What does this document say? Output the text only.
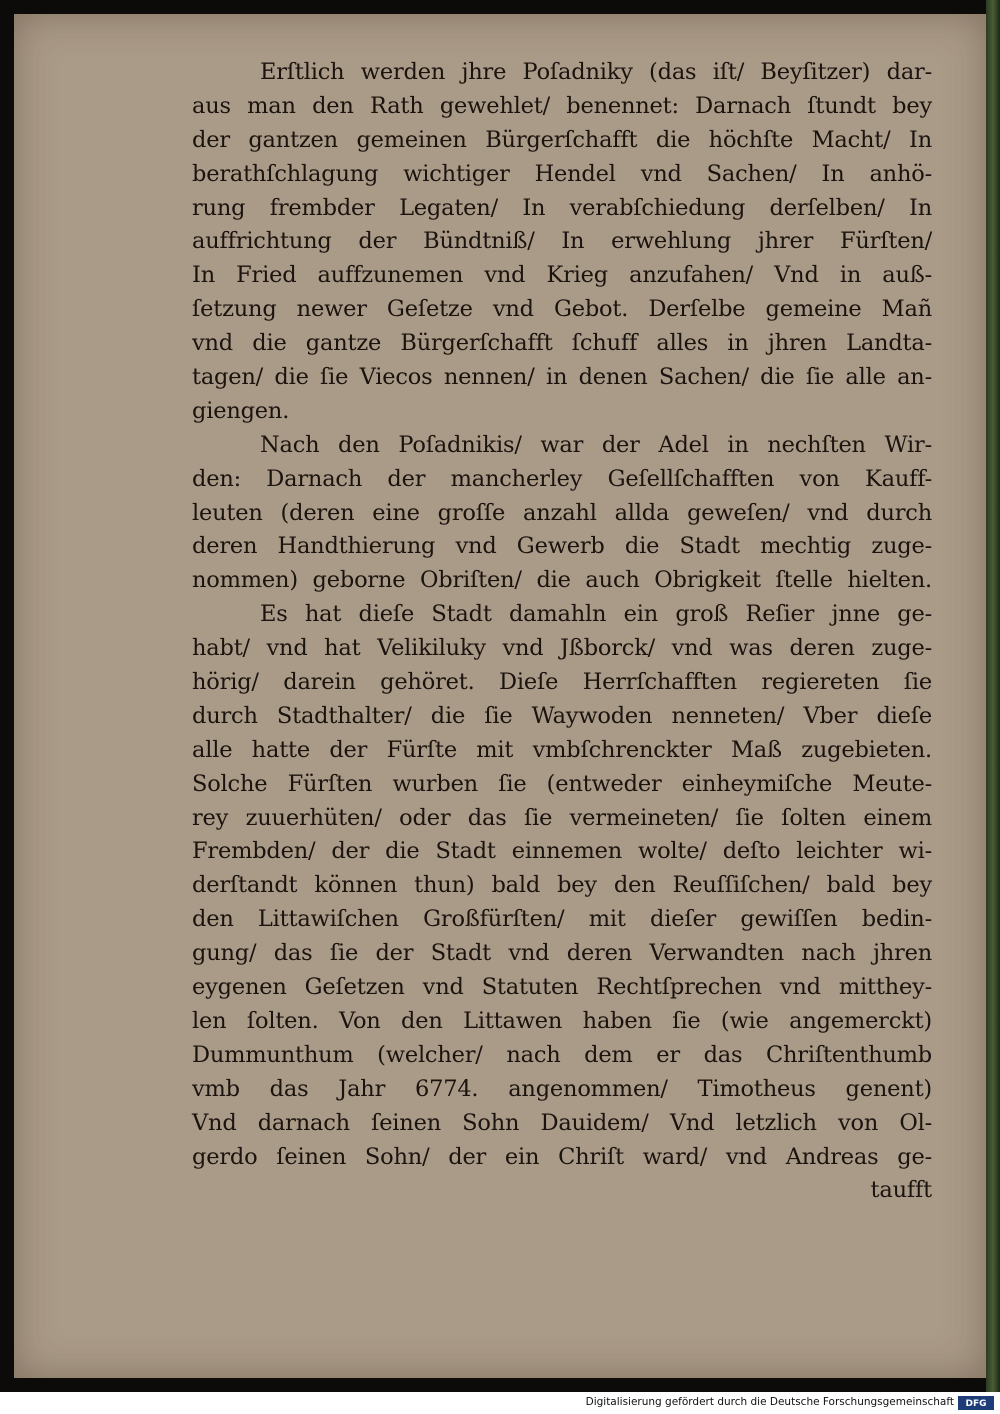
Erſtlich werden jhre Poſadniky (das iſt/ Beyſitzer) dar-
aus man den Rath gewehlet/ benennet: Darnach ſtundt bey
der gantzen gemeinen Bürgerſchafft die höchſte Macht/ In
berathſchlagung wichtiger Hendel vnd Sachen/ In anhö-
rung frembder Legaten/ In verabſchiedung derſelben/ In
auffrichtung der Bündtniß/ In erwehlung jhrer Fürſten/
In Fried auffzunemen vnd Krieg anzufahen/ Vnd in auß-
ſetzung newer Geſetze vnd Gebot. Derſelbe gemeine Mañ
vnd die gantze Bürgerſchafft ſchuff alles in jhren Landta-
tagen/ die ſie Viecos nennen/ in denen Sachen/ die ſie alle an-
giengen.
Nach den Poſadnikis/ war der Adel in nechſten Wir-
den: Darnach der mancherley Geſellſchafften von Kauff-
leuten (deren eine groſſe anzahl allda geweſen/ vnd durch
deren Handthierung vnd Gewerb die Stadt mechtig zuge-
nommen) geborne Obriſten/ die auch Obrigkeit ſtelle hielten.
Es hat dieſe Stadt damahln ein groß Reſier jnne ge-
habt/ vnd hat Velikiluky vnd Jßborck/ vnd was deren zuge-
hörig/ darein gehöret. Dieſe Herrſchafften regiereten ſie
durch Stadthalter/ die ſie Waywoden nenneten/ Vber dieſe
alle hatte der Fürſte mit vmbſchrenckter Maß zugebieten.
Solche Fürſten wurben ſie (entweder einheymiſche Meute-
rey zuuerhüten/ oder das ſie vermeineten/ ſie ſolten einem
Frembden/ der die Stadt einnemen wolte/ deſto leichter wi-
derſtandt können thun) bald bey den Reuſſiſchen/ bald bey
den Littawiſchen Großfürſten/ mit dieſer gewiſſen bedin-
gung/ das ſie der Stadt vnd deren Verwandten nach jhren
eygenen Geſetzen vnd Statuten Rechtſprechen vnd mitthey-
len ſolten. Von den Littawen haben ſie (wie angemerckt)
Dummunthum (welcher/ nach dem er das Chriſtenthumb
vmb das Jahr 6774. angenommen/ Timotheus genent)
Vnd darnach ſeinen Sohn Dauidem/ Vnd letzlich von Ol-
gerdo ſeinen Sohn/ der ein Chriſt ward/ vnd Andreas ge-
taufft
Digitalisierung gefördert durch die Deutsche Forschungsgemeinschaft	DFG
